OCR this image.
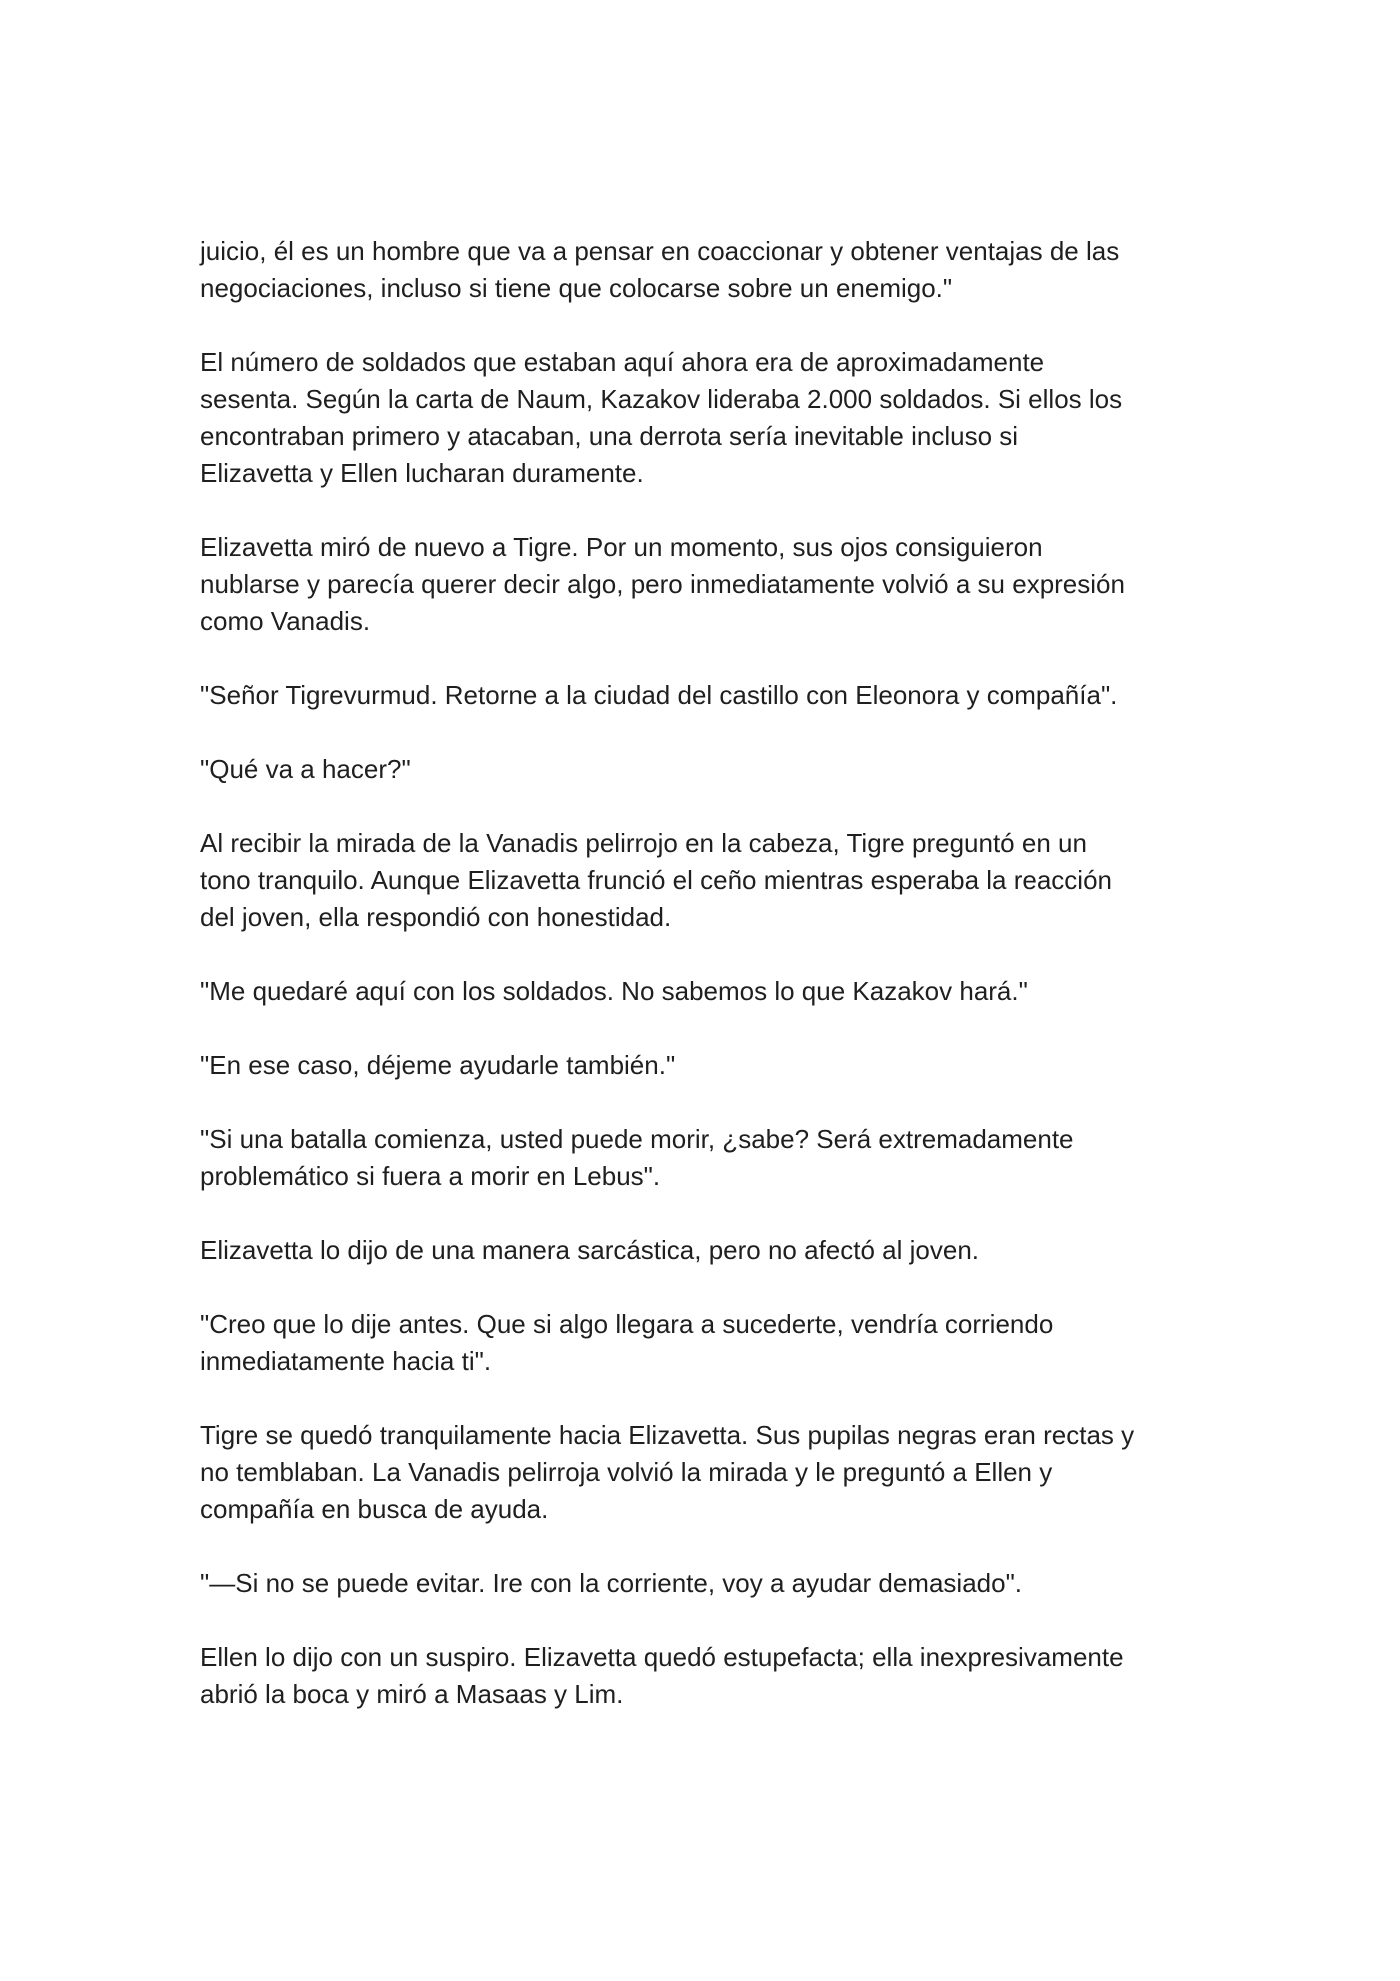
juicio, él es un hombre que va a pensar en coaccionar y obtener ventajas de las
negociaciones, incluso si tiene que colocarse sobre un enemigo."

El número de soldados que estaban aquí ahora era de aproximadamente
sesenta. Según la carta de Naum, Kazakov lideraba 2.000 soldados. Si ellos los
encontraban primero y atacaban, una derrota sería inevitable incluso si
Elizavetta y Ellen lucharan duramente.

Elizavetta miró de nuevo a Tigre. Por un momento, sus ojos consiguieron
nublarse y parecía querer decir algo, pero inmediatamente volvió a su expresión
como Vanadis.

"Señor Tigrevurmud. Retorne a la ciudad del castillo con Eleonora y compañía".

"Qué va a hacer?"

Al recibir la mirada de la Vanadis pelirrojo en la cabeza, Tigre preguntó en un
tono tranquilo. Aunque Elizavetta frunció el ceño mientras esperaba la reacción
del joven, ella respondió con honestidad.

"Me quedaré aquí con los soldados. No sabemos lo que Kazakov hará."

"En ese caso, déjeme ayudarle también."

"Si una batalla comienza, usted puede morir, ¿sabe? Será extremadamente
problemático si fuera a morir en Lebus".

Elizavetta lo dijo de una manera sarcástica, pero no afectó al joven.

"Creo que lo dije antes. Que si algo llegara a sucederte, vendría corriendo
inmediatamente hacia ti".

Tigre se quedó tranquilamente hacia Elizavetta. Sus pupilas negras eran rectas y
no temblaban. La Vanadis pelirroja volvió la mirada y le preguntó a Ellen y
compañía en busca de ayuda.

"—Si no se puede evitar. Ire con la corriente, voy a ayudar demasiado".

Ellen lo dijo con un suspiro. Elizavetta quedó estupefacta; ella inexpresivamente
abrió la boca y miró a Masaas y Lim.
